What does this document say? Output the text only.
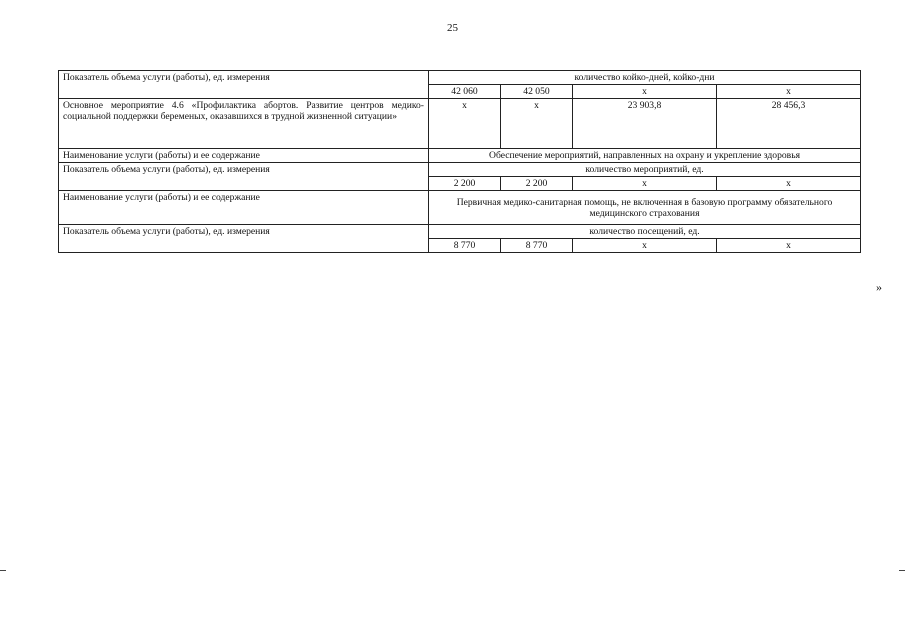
25
Показатель объема услуги (работы), ед. измерения	количество койко-дней, койко-дни			
	42 060	42 050	х	х
Основное мероприятие 4.6 «Профилактика абортов. Развитие центров медико-социальной поддержки беременых, оказавшихся в трудной жизненной ситуации»	х	х	23 903,8	28 456,3
Наименование услуги (работы) и ее содержание	Обеспечение мероприятий, направленных на охрану и укрепление здоровья			
Показатель объема услуги (работы), ед. измерения	количество мероприятий, ед.			
	2 200	2 200	х	х
Наименование услуги (работы) и ее содержание	Первичная медико-санитарная помощь, не включенная в базовую программу обязательного медицинского страхования			
Показатель объема услуги (работы), ед. измерения	количество посещений, ед.			
	8 770	8 770	х	х
»
